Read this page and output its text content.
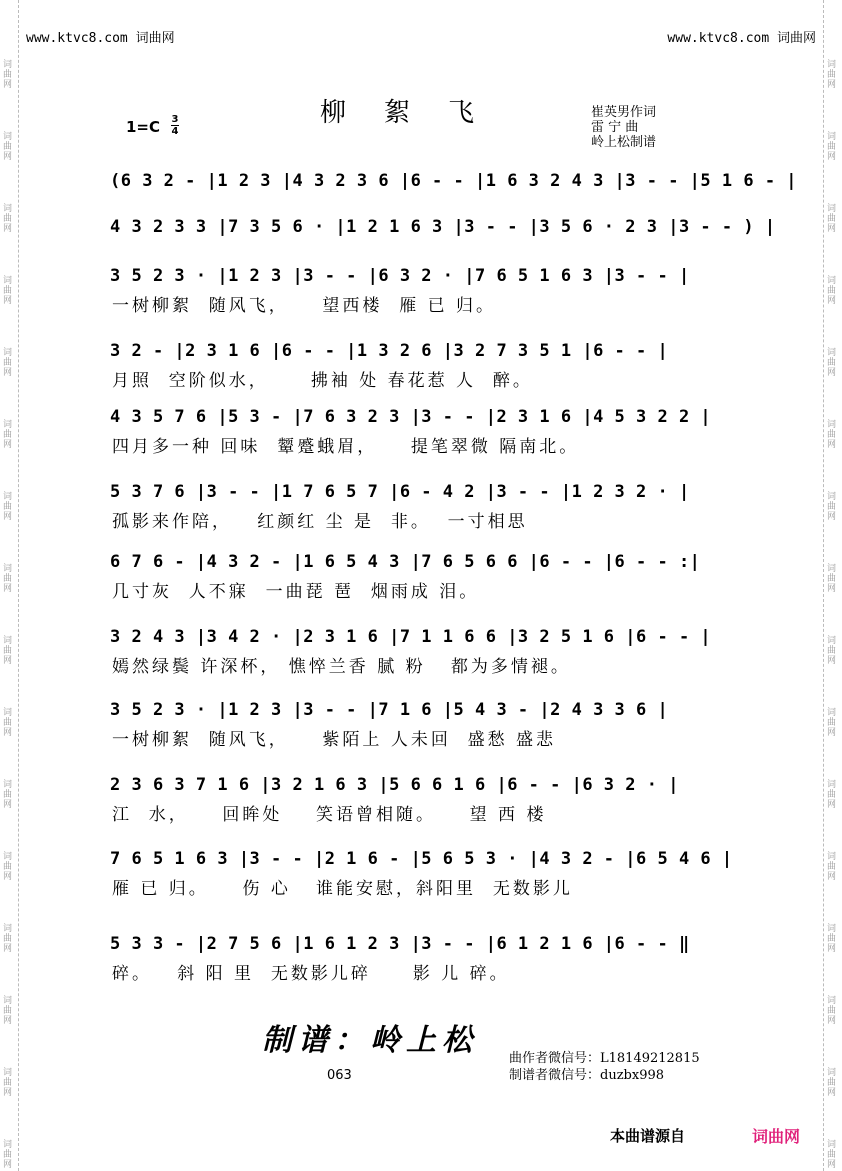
词曲网
词曲网
词曲网
词曲网
词曲网
词曲网
词曲网
词曲网
词曲网
词曲网
词曲网
词曲网
词曲网
词曲网
词曲网
词曲网
词曲网
词曲网
词曲网
词曲网
词曲网
词曲网
词曲网
词曲网
词曲网
词曲网
词曲网
词曲网
词曲网
词曲网
词曲网
词曲网
www.ktvc8.com 词曲网	www.ktvc8.com 词曲网
柳絮飞
1=C 3
4
崔英男作词
雷 宁 曲
岭上松制谱
(6 3 2 - |1 2 3 |4 3 2 3 6 |6 - - |1 6 3 2 4 3 |3 - - |5 1 6 - |
4 3 2 3 3 |7 3 5 6 · |1 2 1 6 3 |3 - - |3 5 6 · 2 3 |3 - - ) |
3 5 2 3 · |1 2 3 |3 - - |6 3 2 · |7 6 5 1 6 3 |3 - - |
一树柳絮  随风飞，    望西楼  雁 已 归。
3 2 - |2 3 1 6 |6 - - |1 3 2 6 |3 2 7 3 5 1 |6 - - |
月照  空阶似水，     拂袖 处 春花惹 人  醉。
4 3 5 7 6 |5 3 - |7 6 3 2 3 |3 - - |2 3 1 6 |4 5 3 2 2 |
四月多一种 回味  颦蹙蛾眉，    提笔翠微 隔南北。
5 3 7 6 |3 - - |1 7 6 5 7 |6 - 4 2 |3 - - |1 2 3 2 · |
孤影来作陪，   红颜红 尘 是  非。  一寸相思
6 7 6 - |4 3 2 - |1 6 5 4 3 |7 6 5 6 6 |6 - - |6 - - :|
几寸灰  人不寐  一曲琵 琶  烟雨成 泪。
3 2 4 3 |3 4 2 · |2 3 1 6 |7 1 1 6 6 |3 2 5 1 6 |6 - - |
嫣然绿鬓 许深杯， 憔悴兰香 腻 粉   都为多情褪。
3 5 2 3 · |1 2 3 |3 - - |7 1 6 |5 4 3 - |2 4 3 3 6 |
一树柳絮  随风飞，    紫陌上 人未回  盛愁 盛悲
2 3 6 3 7 1 6 |3 2 1 6 3 |5 6 6 1 6 |6 - - |6 3 2 · |
江  水，    回眸处    笑语曾相随。    望 西 楼
7 6 5 1 6 3 |3 - - |2 1 6 - |5 6 5 3 · |4 3 2 - |6 5 4 6 |
雁 已 归。    伤 心   谁能安慰，斜阳里  无数影儿
5 3 3 - |2 7 5 6 |1 6 1 2 3 |3 - - |6 1 2 1 6 |6 - - ‖
碎。   斜 阳 里  无数影儿碎     影 儿 碎。
制谱：岭上松
063
曲作者微信号：L18149212815
制谱者微信号：duzbx998
本曲谱源自	词曲网
